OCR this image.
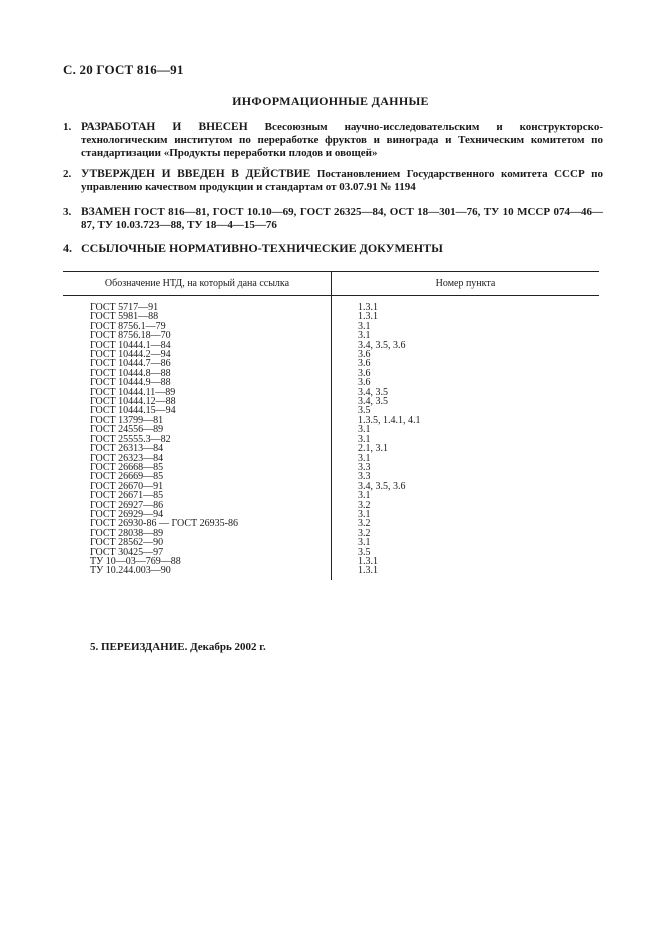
С. 20 ГОСТ 816—91
ИНФОРМАЦИОННЫЕ ДАННЫЕ
1. РАЗРАБОТАН И ВНЕСЕН Всесоюзным научно-исследовательским и конструкторско-технологическим институтом по переработке фруктов и винограда и Техническим комитетом по стандартизации «Продукты переработки плодов и овощей»
2. УТВЕРЖДЕН И ВВЕДЕН В ДЕЙСТВИЕ Постановлением Государственного комитета СССР по управлению качеством продукции и стандартам от 03.07.91 № 1194
3. ВЗАМЕН ГОСТ 816—81, ГОСТ 10.10—69, ГОСТ 26325—84, ОСТ 18—301—76, ТУ 10 МССР 074—46—87, ТУ 10.03.723—88, ТУ 18—4—15—76
4. ССЫЛОЧНЫЕ НОРМАТИВНО-ТЕХНИЧЕСКИЕ ДОКУМЕНТЫ
Обозначение НТД, на который дана ссылка	Номер пункта
ГОСТ 5717—91	1.3.1
ГОСТ 5981—88	1.3.1
ГОСТ 8756.1—79	3.1
ГОСТ 8756.18—70	3.1
ГОСТ 10444.1—84	3.4, 3.5, 3.6
ГОСТ 10444.2—94	3.6
ГОСТ 10444.7—86	3.6
ГОСТ 10444.8—88	3.6
ГОСТ 10444.9—88	3.6
ГОСТ 10444.11—89	3.4, 3.5
ГОСТ 10444.12—88	3.4, 3.5
ГОСТ 10444.15—94	3.5
ГОСТ 13799—81	1.3.5, 1.4.1, 4.1
ГОСТ 24556—89	3.1
ГОСТ 25555.3—82	3.1
ГОСТ 26313—84	2.1, 3.1
ГОСТ 26323—84	3.1
ГОСТ 26668—85	3.3
ГОСТ 26669—85	3.3
ГОСТ 26670—91	3.4, 3.5, 3.6
ГОСТ 26671—85	3.1
ГОСТ 26927—86	3.2
ГОСТ 26929—94	3.1
ГОСТ 26930-86 — ГОСТ 26935-86	3.2
ГОСТ 28038—89	3.2
ГОСТ 28562—90	3.1
ГОСТ 30425—97	3.5
ТУ 10—03—769—88	1.3.1
ТУ 10.244.003—90	1.3.1
5. ПЕРЕИЗДАНИЕ. Декабрь 2002 г.
